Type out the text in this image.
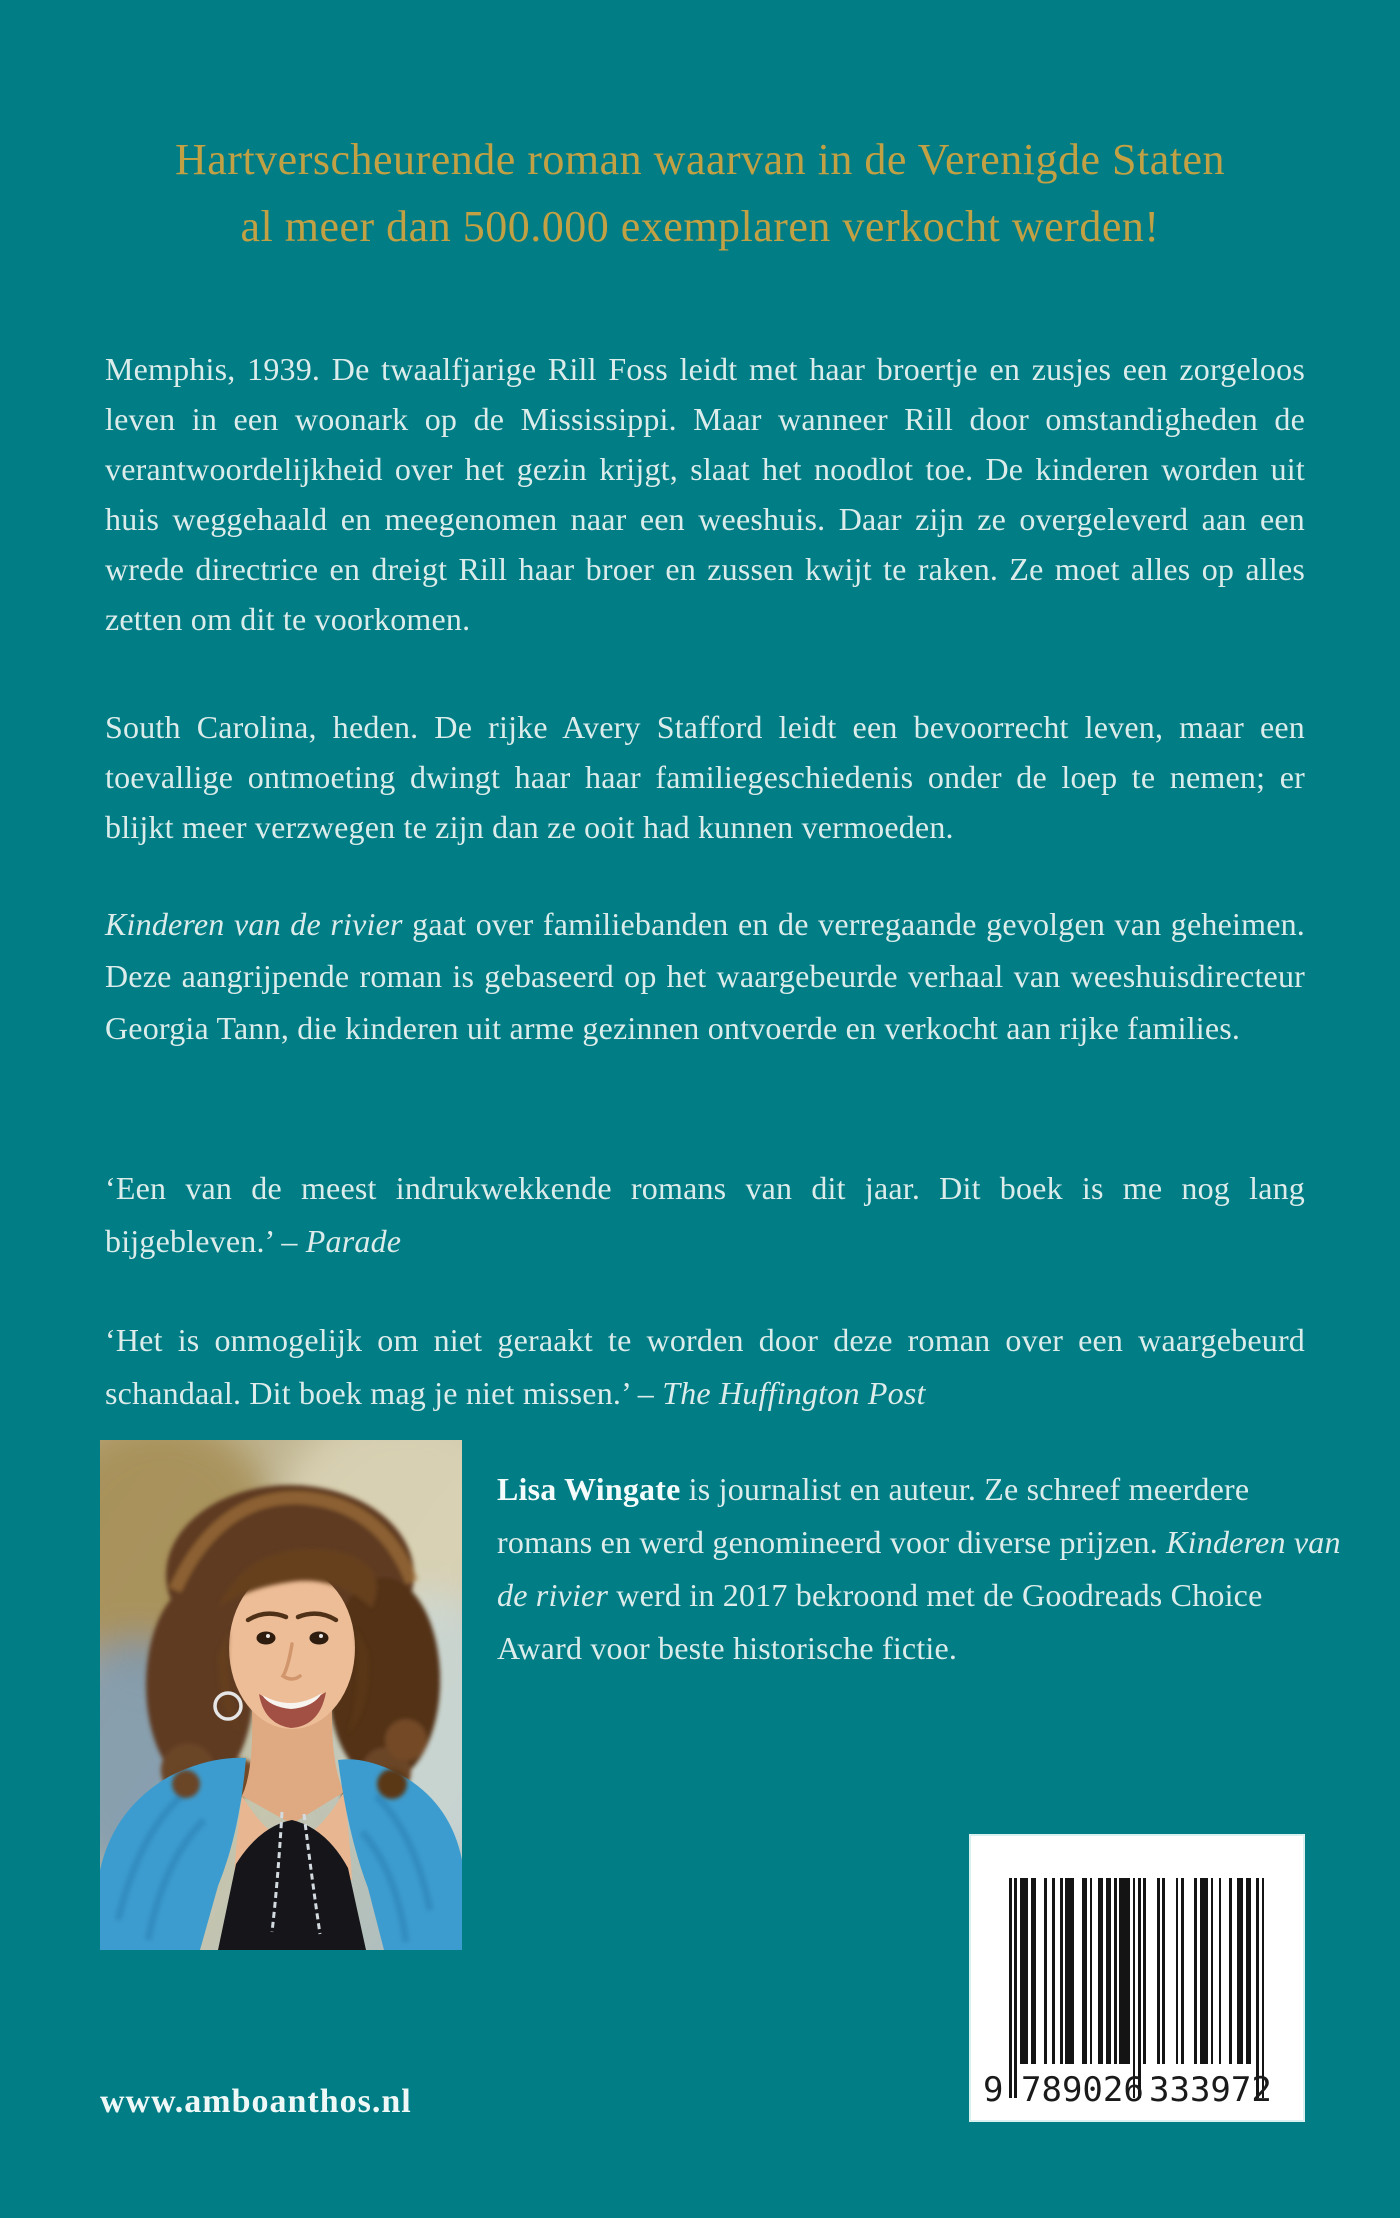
Hartverscheurende roman waarvan in de Verenigde Staten
al meer dan 500.000 exemplaren verkocht werden!

Memphis, 1939. De twaalfjarige Rill Foss leidt met haar broertje en zusjes een zorgeloos leven in een woonark op de Mississippi. Maar wanneer Rill door omstandigheden de verantwoordelijkheid over het gezin krijgt, slaat het noodlot toe. De kinderen worden uit huis weggehaald en meegenomen naar een weeshuis. Daar zijn ze overgeleverd aan een wrede directrice en dreigt Rill haar broer en zussen kwijt te raken. Ze moet alles op alles zetten om dit te voorkomen.

South Carolina, heden. De rijke Avery Stafford leidt een bevoorrecht leven, maar een toevallige ontmoeting dwingt haar haar familiegeschiedenis onder de loep te nemen; er blijkt meer verzwegen te zijn dan ze ooit had kunnen vermoeden.

Kinderen van de rivier gaat over familiebanden en de verregaande gevolgen van geheimen. Deze aangrijpende roman is gebaseerd op het waargebeurde verhaal van weeshuisdirecteur Georgia Tann, die kinderen uit arme gezinnen ontvoerde en verkocht aan rijke families.

‘Een van de meest indrukwekkende romans van dit jaar. Dit boek is me nog lang bijgebleven.’ – Parade

‘Het is onmogelijk om niet geraakt te worden door deze roman over een waargebeurd schandaal. Dit boek mag je niet missen.’ – The Huffington Post

Lisa Wingate is journalist en auteur. Ze schreef meerdere romans en werd genomineerd voor diverse prijzen. Kinderen van de rivier werd in 2017 bekroond met de Goodreads Choice Award voor beste historische fictie.

9 789026 333972
www.amboanthos.nl
